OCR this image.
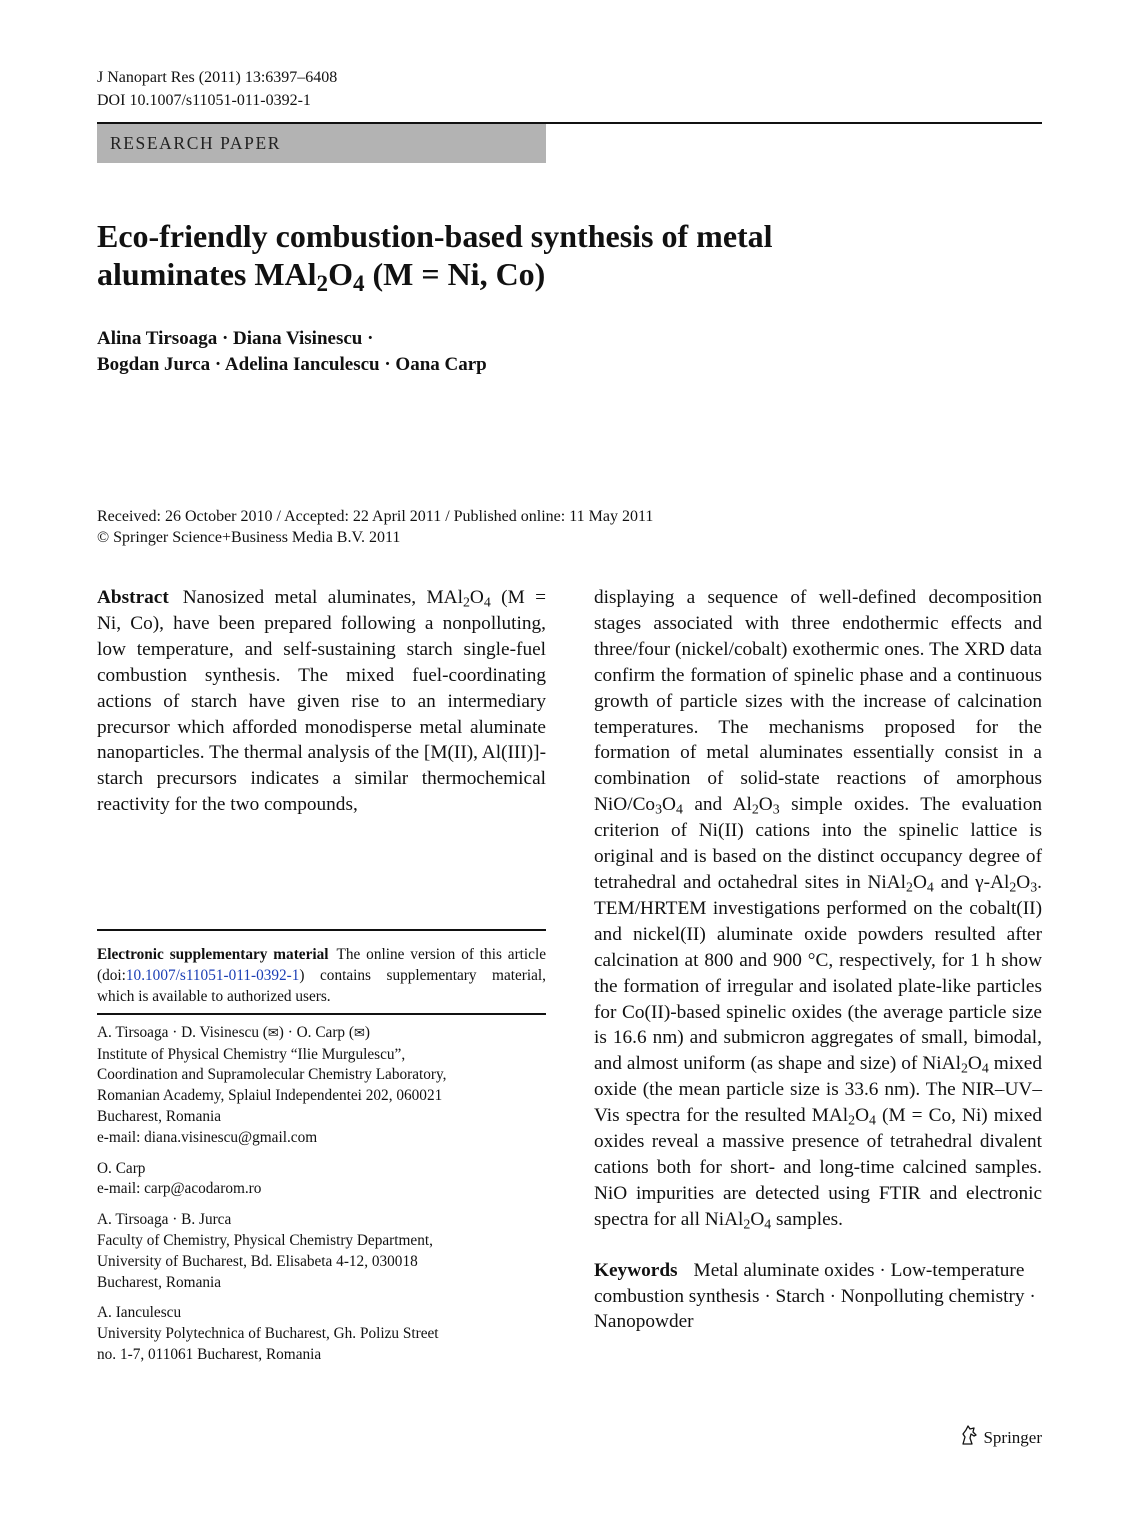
J Nanopart Res (2011) 13:6397–6408
DOI 10.1007/s11051-011-0392-1
RESEARCH PAPER
Eco-friendly combustion-based synthesis of metal
aluminates $MAl_2O_4$ (M = Ni, Co)
Alina Tirsoaga · Diana Visinescu ·
Bogdan Jurca · Adelina Ianculescu · Oana Carp
Received: 26 October 2010 / Accepted: 22 April 2011 / Published online: 11 May 2011
© Springer Science+Business Media B.V. 2011

Abstract Nanosized metal aluminates, $MAl_2O_4$ (M = Ni, Co), have been prepared following a nonpolluting, low temperature, and self-sustaining starch single-fuel combustion synthesis. The mixed fuel-coordinating actions of starch have given rise to an intermediary precursor which afforded monodisperse metal aluminate nanoparticles. The thermal analysis of the [M(II), Al(III)]-starch precursors indicates a similar thermochemical reactivity for the two compounds,

displaying a sequence of well-defined decomposition stages associated with three endothermic effects and three/four (nickel/cobalt) exothermic ones. The XRD data confirm the formation of spinelic phase and a continuous growth of particle sizes with the increase of calcination temperatures. The mechanisms proposed for the formation of metal aluminates essentially consist in a combination of solid-state reactions of amorphous NiO/$Co_3O_4$ and $Al_2O_3$ simple oxides. The evaluation criterion of Ni(II) cations into the spinelic lattice is original and is based on the distinct occupancy degree of tetrahedral and octahedral sites in $NiAl_2O_4$ and $\gamma-Al_2O_3$. TEM/HRTEM investigations performed on the cobalt(II) and nickel(II) aluminate oxide powders resulted after calcination at 800 and 900 °C, respectively, for 1 h show the formation of irregular and isolated plate-like particles for Co(II)-based spinelic oxides (the average particle size is 16.6 nm) and submicron aggregates of small, bimodal, and almost uniform (as shape and size) of $NiAl_2O_4$ mixed oxide (the mean particle size is 33.6 nm). The NIR–UV–Vis spectra for the resulted $MAl_2O_4$ (M = Co, Ni) mixed oxides reveal a massive presence of tetrahedral divalent cations both for short- and long-time calcined samples. NiO impurities are detected using FTIR and electronic spectra for all $NiAl_2O_4$ samples.

Keywords Metal aluminate oxides · Low-temperature combustion synthesis · Starch · Nonpolluting chemistry · Nanopowder

Electronic supplementary material The online version of this article (doi:10.1007/s11051-011-0392-1) contains supplementary material, which is available to authorized users.
A. Tirsoaga · D. Visinescu (✉) · O. Carp (✉)
Institute of Physical Chemistry “Ilie Murgulescu”,
Coordination and Supramolecular Chemistry Laboratory,
Romanian Academy, Splaiul Independentei 202, 060021
Bucharest, Romania
e-mail: diana.visinescu@gmail.com
O. Carp
e-mail: carp@acodarom.ro
A. Tirsoaga · B. Jurca
Faculty of Chemistry, Physical Chemistry Department,
University of Bucharest, Bd. Elisabeta 4-12, 030018
Bucharest, Romania
A. Ianculescu
University Polytechnica of Bucharest, Gh. Polizu Street
no. 1-7, 011061 Bucharest, Romania
Springer
